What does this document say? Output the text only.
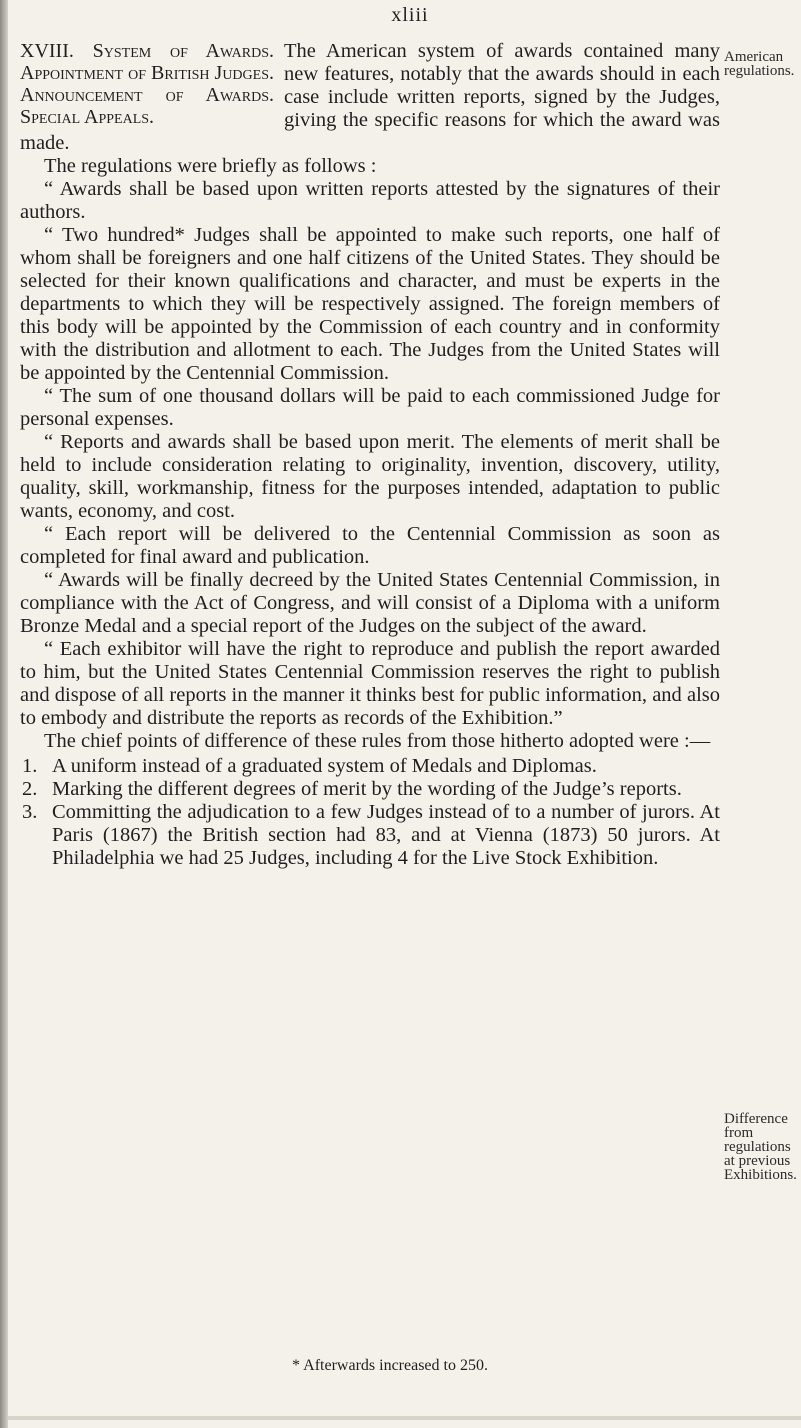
xliii
XVIII. System of Awards. Appointment of British Judges. Announcement of Awards. Special Appeals.

The American system of awards contained many new features, notably that the awards should in each case include written reports, signed by the Judges, giving the specific reasons for which the award was made.

The regulations were briefly as follows :

“ Awards shall be based upon written reports attested by the signatures of their authors.

“ Two hundred* Judges shall be appointed to make such reports, one half of whom shall be foreigners and one half citizens of the United States. They should be selected for their known qualifications and character, and must be experts in the departments to which they will be respectively assigned. The foreign members of this body will be appointed by the Commission of each country and in conformity with the distribution and allotment to each. The Judges from the United States will be appointed by the Centennial Commission.

“ The sum of one thousand dollars will be paid to each commissioned Judge for personal expenses.

“ Reports and awards shall be based upon merit. The elements of merit shall be held to include consideration relating to originality, invention, discovery, utility, quality, skill, workmanship, fitness for the purposes intended, adaptation to public wants, economy, and cost.

“ Each report will be delivered to the Centennial Commission as soon as completed for final award and publication.

“ Awards will be finally decreed by the United States Centennial Commission, in compliance with the Act of Congress, and will consist of a Diploma with a uniform Bronze Medal and a special report of the Judges on the subject of the award.

“ Each exhibitor will have the right to reproduce and publish the report awarded to him, but the United States Centennial Commission reserves the right to publish and dispose of all reports in the manner it thinks best for public information, and also to embody and distribute the reports as records of the Exhibition.”

The chief points of difference of these rules from those hitherto adopted were :—

1. A uniform instead of a graduated system of Medals and Diplomas.
2. Marking the different degrees of merit by the wording of the Judge’s reports.
3. Committing the adjudication to a few Judges instead of to a number of jurors. At Paris (1867) the British section had 83, and at Vienna (1873) 50 jurors. At Philadelphia we had 25 Judges, including 4 for the Live Stock Exhibition.
American regulations.
Difference from regulations at previous Exhibitions.
* Afterwards increased to 250.
